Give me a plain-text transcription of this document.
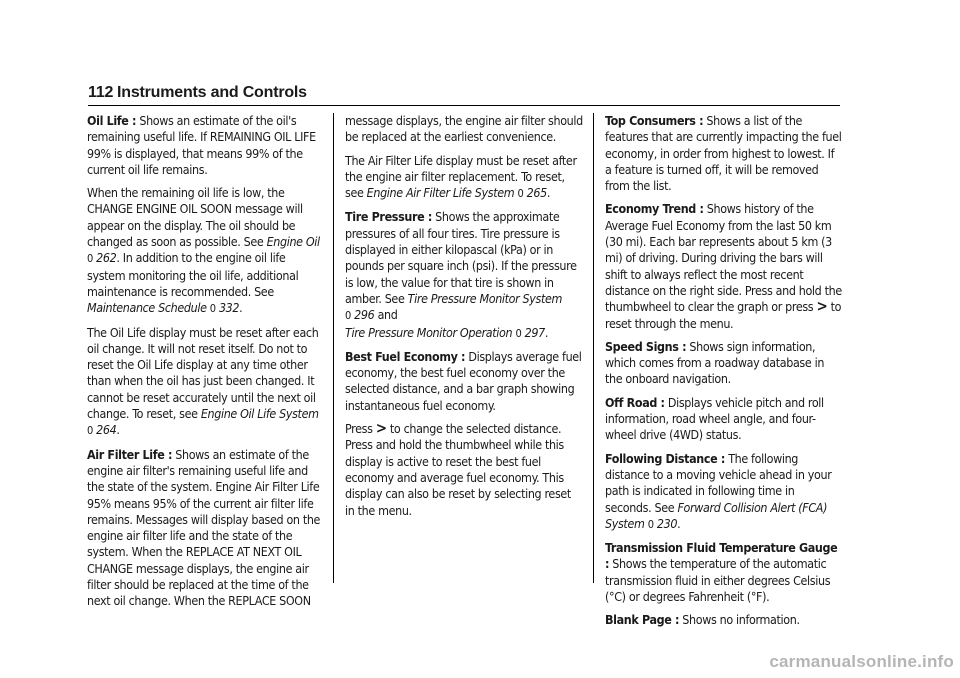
112 Instruments and Controls

Oil Life : Shows an estimate of the oil's remaining useful life. If REMAINING OIL LIFE 99% is displayed, that means 99% of the current oil life remains.

When the remaining oil life is low, the CHANGE ENGINE OIL SOON message will appear on the display. The oil should be changed as soon as possible. See Engine Oil
0 262. In addition to the engine oil life system monitoring the oil life, additional maintenance is recommended. See Maintenance Schedule 0 332.

The Oil Life display must be reset after each oil change. It will not reset itself. Do not to reset the Oil Life display at any time other than when the oil has just been changed. It cannot be reset accurately until the next oil change. To reset, see Engine Oil Life System 0 264.

Air Filter Life : Shows an estimate of the engine air filter's remaining useful life and the state of the system. Engine Air Filter Life 95% means 95% of the current air filter life remains. Messages will display based on the engine air filter life and the state of the system. When the REPLACE AT NEXT OIL CHANGE message displays, the engine air filter should be replaced at the time of the next oil change. When the REPLACE SOON

message displays, the engine air filter should be replaced at the earliest convenience.

The Air Filter Life display must be reset after the engine air filter replacement. To reset, see Engine Air Filter Life System 0 265.

Tire Pressure : Shows the approximate pressures of all four tires. Tire pressure is displayed in either kilopascal (kPa) or in pounds per square inch (psi). If the pressure is low, the value for that tire is shown in amber. See Tire Pressure Monitor System
0 296 and
Tire Pressure Monitor Operation 0 297.

Best Fuel Economy : Displays average fuel economy, the best fuel economy over the selected distance, and a bar graph showing instantaneous fuel economy.

Press > to change the selected distance. Press and hold the thumbwheel while this display is active to reset the best fuel economy and average fuel economy. This display can also be reset by selecting reset in the menu.

Top Consumers : Shows a list of the features that are currently impacting the fuel economy, in order from highest to lowest. If a feature is turned off, it will be removed from the list.

Economy Trend : Shows history of the Average Fuel Economy from the last 50 km (30 mi). Each bar represents about 5 km (3 mi) of driving. During driving the bars will shift to always reflect the most recent distance on the right side. Press and hold the thumbwheel to clear the graph or press > to reset through the menu.

Speed Signs : Shows sign information, which comes from a roadway database in the onboard navigation.

Off Road : Displays vehicle pitch and roll information, road wheel angle, and four-wheel drive (4WD) status.

Following Distance : The following distance to a moving vehicle ahead in your path is indicated in following time in seconds. See Forward Collision Alert (FCA) System 0 230.

Transmission Fluid Temperature Gauge : Shows the temperature of the automatic transmission fluid in either degrees Celsius (°C) or degrees Fahrenheit (°F).

Blank Page : Shows no information.

carmanualsonline.info
